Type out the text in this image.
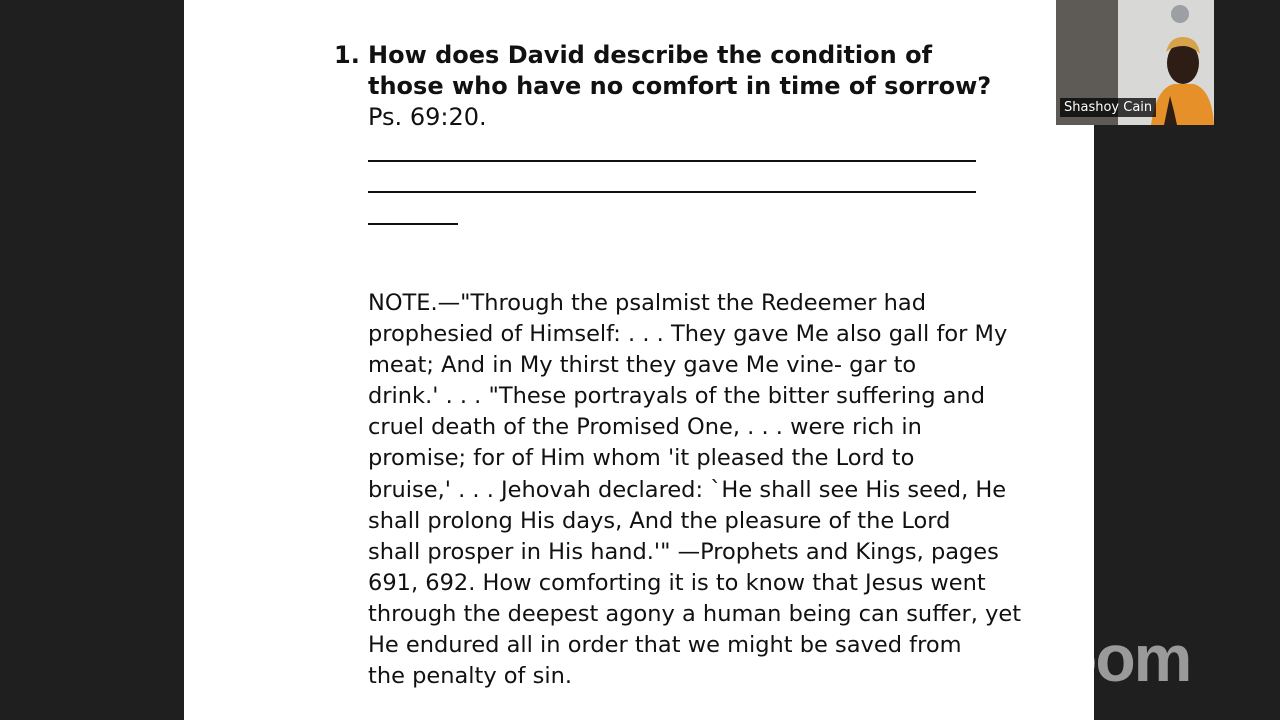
1. How does David describe the condition of those who have no comfort in time of sorrow? Ps. 69:20.
NOTE.—"Through the psalmist the Redeemer had
prophesied of Himself: . . . They gave Me also gall for My
meat; And in My thirst they gave Me vine- gar to
drink.' . . . "These portrayals of the bitter suffering and
cruel death of the Promised One, . . . were rich in
promise; for of Him whom 'it pleased the Lord to
bruise,' . . . Jehovah declared: `He shall see His seed, He
shall prolong His days, And the pleasure of the Lord
shall prosper in His hand.'" —Prophets and Kings, pages
691, 692. How comforting it is to know that Jesus went
through the deepest agony a human being can suffer, yet
He endured all in order that we might be saved from
the penalty of sin.
Shashoy Cain
zoom
